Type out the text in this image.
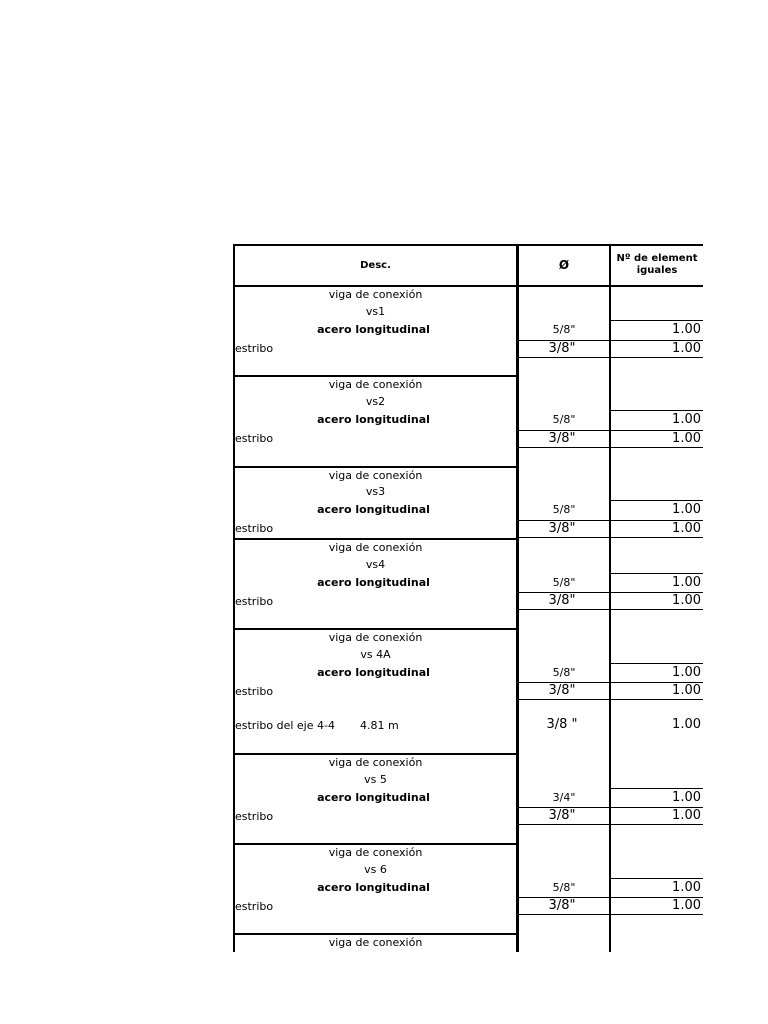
Desc.	Ø	Nº de element
iguales
viga de conexión
vs1
acero longitudinal	5/8"	1.00
estribo	3/8"	1.00
viga de conexión
vs2
acero longitudinal	5/8"	1.00
estribo	3/8"	1.00
viga de conexión
vs3
acero longitudinal	5/8"	1.00
estribo	3/8"	1.00
viga de conexión
vs4
acero longitudinal	5/8"	1.00
estribo	3/8"	1.00
viga de conexión
vs 4A
acero longitudinal	5/8"	1.00
estribo	3/8"	1.00
estribo del eje 4-4 4.81 m	3/8 "	1.00
viga de conexión
vs 5
acero longitudinal	3/4"	1.00
estribo	3/8"	1.00
viga de conexión
vs 6
acero longitudinal	5/8"	1.00
estribo	3/8"	1.00
viga de conexión
